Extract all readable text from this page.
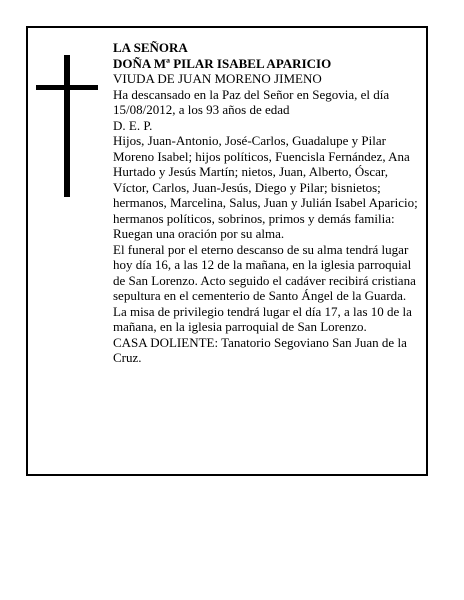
LA SEÑORA

DOÑA Mª PILAR ISABEL APARICIO

VIUDA DE JUAN MORENO JIMENO

Ha descansado en la Paz del Señor en Segovia, el día 15/08/2012, a los 93 años de edad

D. E. P.

Hijos, Juan-Antonio, José-Carlos, Guadalupe y Pilar Moreno Isabel; hijos políticos, Fuencisla Fernández, Ana Hurtado y Jesús Martín; nietos, Juan, Alberto, Óscar, Víctor, Carlos, Juan-Jesús, Diego y Pilar; bisnietos; hermanos, Marcelina, Salus, Juan y Julián Isabel Aparicio; hermanos políticos, sobrinos, primos y demás familia:

Ruegan una oración por su alma.

El funeral por el eterno descanso de su alma tendrá lugar hoy día 16, a las 12 de la mañana, en la iglesia parroquial de San Lorenzo. Acto seguido el cadáver recibirá cristiana sepultura en el cementerio de Santo Ángel de la Guarda. La misa de privilegio tendrá lugar el día 17, a las 10 de la mañana, en la iglesia parroquial de San Lorenzo.

CASA DOLIENTE: Tanatorio Segoviano San Juan de la Cruz.
